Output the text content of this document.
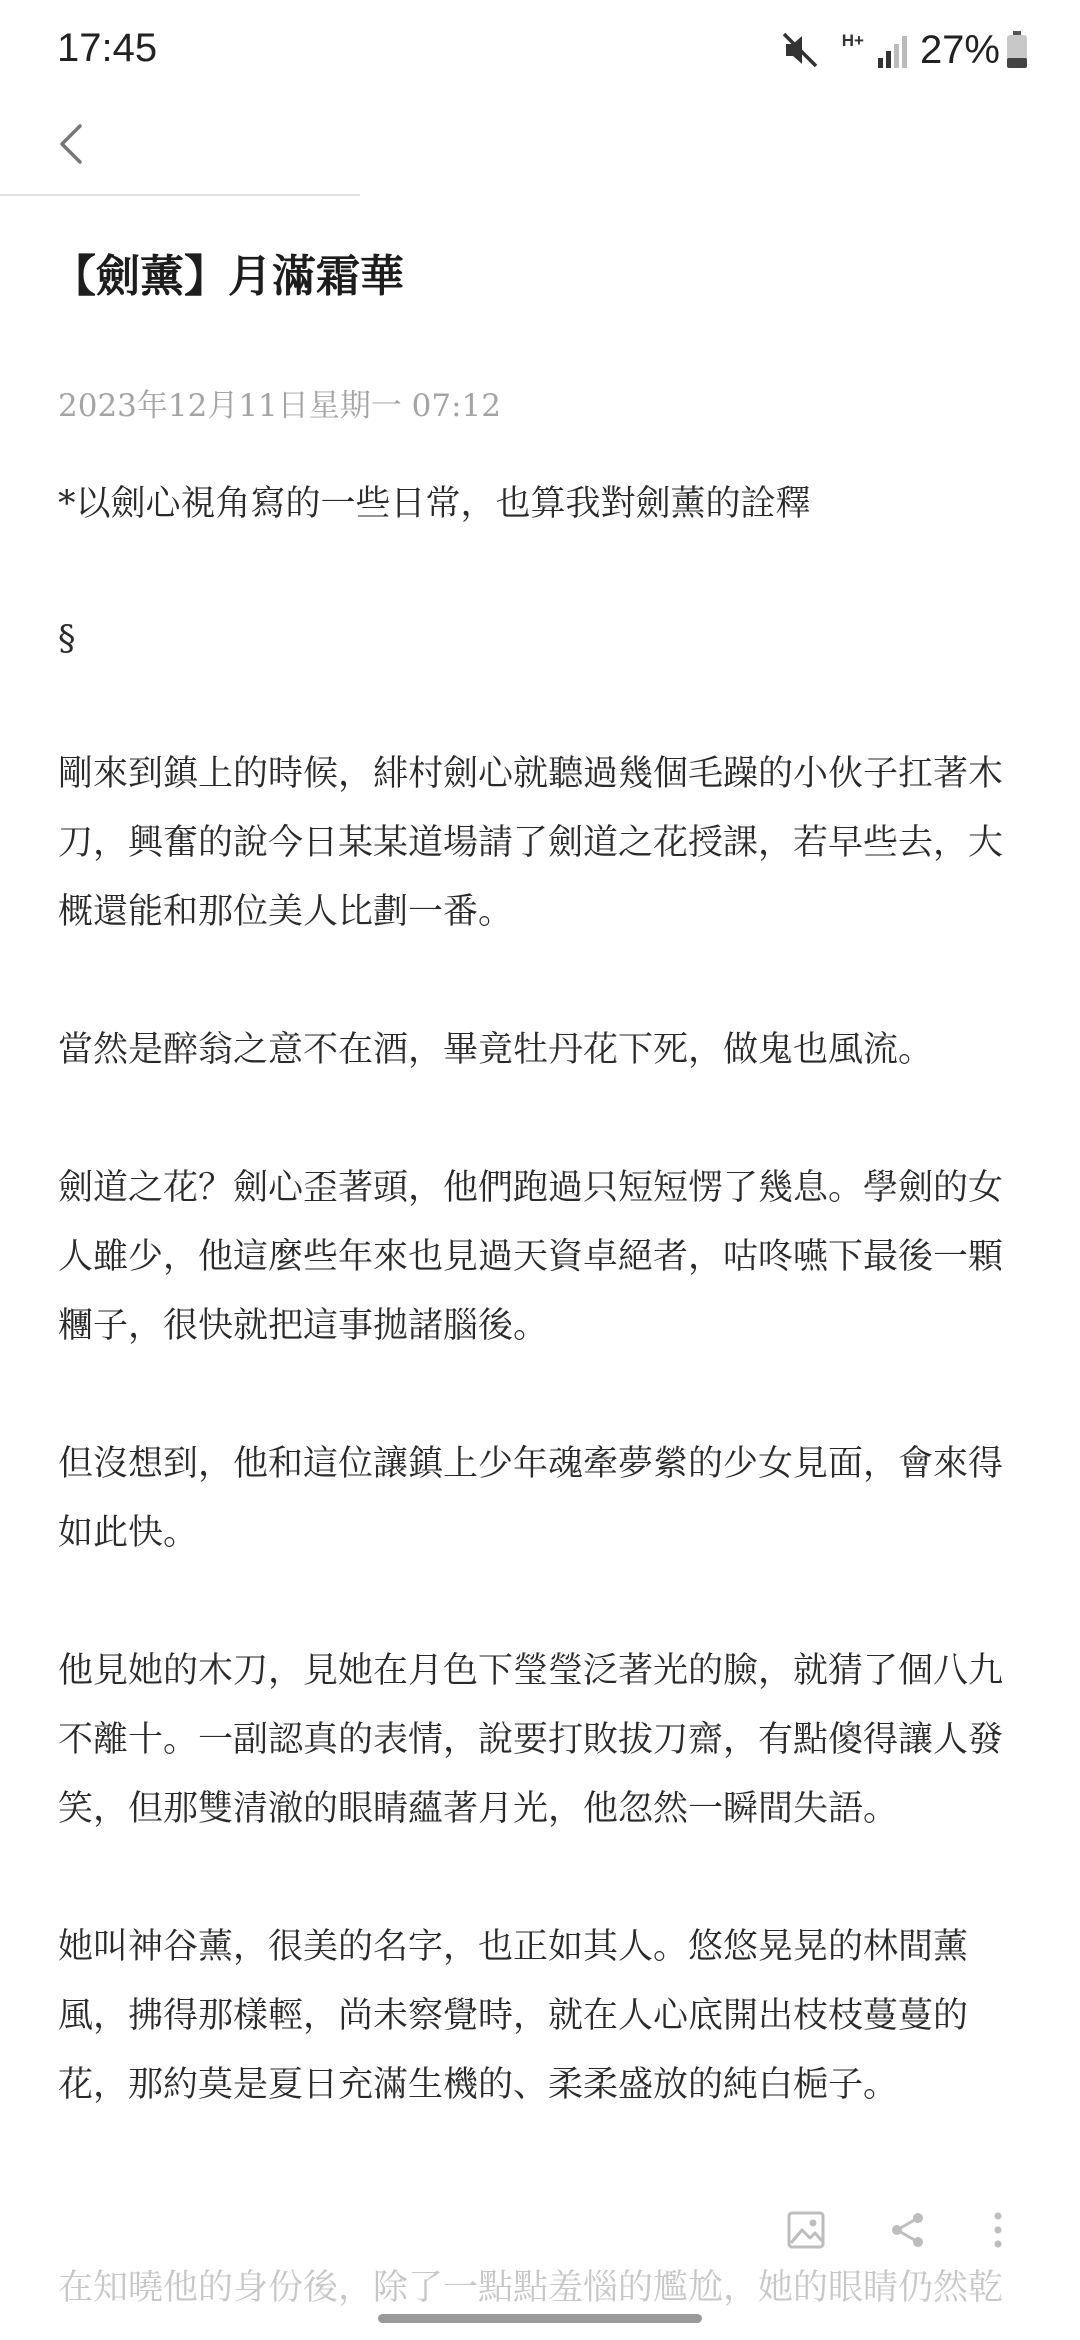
17:45	H+ 27%
【劍薰】月滿霜華
2023年12月11日星期一 07:12

*以劍心視角寫的一些日常，也算我對劍薰的詮釋

§

剛來到鎮上的時候，緋村劍心就聽過幾個毛躁的小伙子扛著木刀，興奮的說今日某某道場請了劍道之花授課，若早些去，大概還能和那位美人比劃一番。

當然是醉翁之意不在酒，畢竟牡丹花下死，做鬼也風流。

劍道之花？劍心歪著頭，他們跑過只短短愣了幾息。學劍的女人雖少，他這麼些年來也見過天資卓絕者，咕咚嚥下最後一顆糰子，很快就把這事拋諸腦後。

但沒想到，他和這位讓鎮上少年魂牽夢縈的少女見面，會來得如此快。

他見她的木刀，見她在月色下瑩瑩泛著光的臉，就猜了個八九不離十。一副認真的表情，說要打敗拔刀齋，有點傻得讓人發笑，但那雙清澈的眼睛蘊著月光，他忽然一瞬間失語。

她叫神谷薰，很美的名字，也正如其人。悠悠晃晃的林間薰風，拂得那樣輕，尚未察覺時，就在人心底開出枝枝蔓蔓的花，那約莫是夏日充滿生機的、柔柔盛放的純白梔子。

在知曉他的身份後，除了一點點羞惱的尷尬，她的眼睛仍然乾
